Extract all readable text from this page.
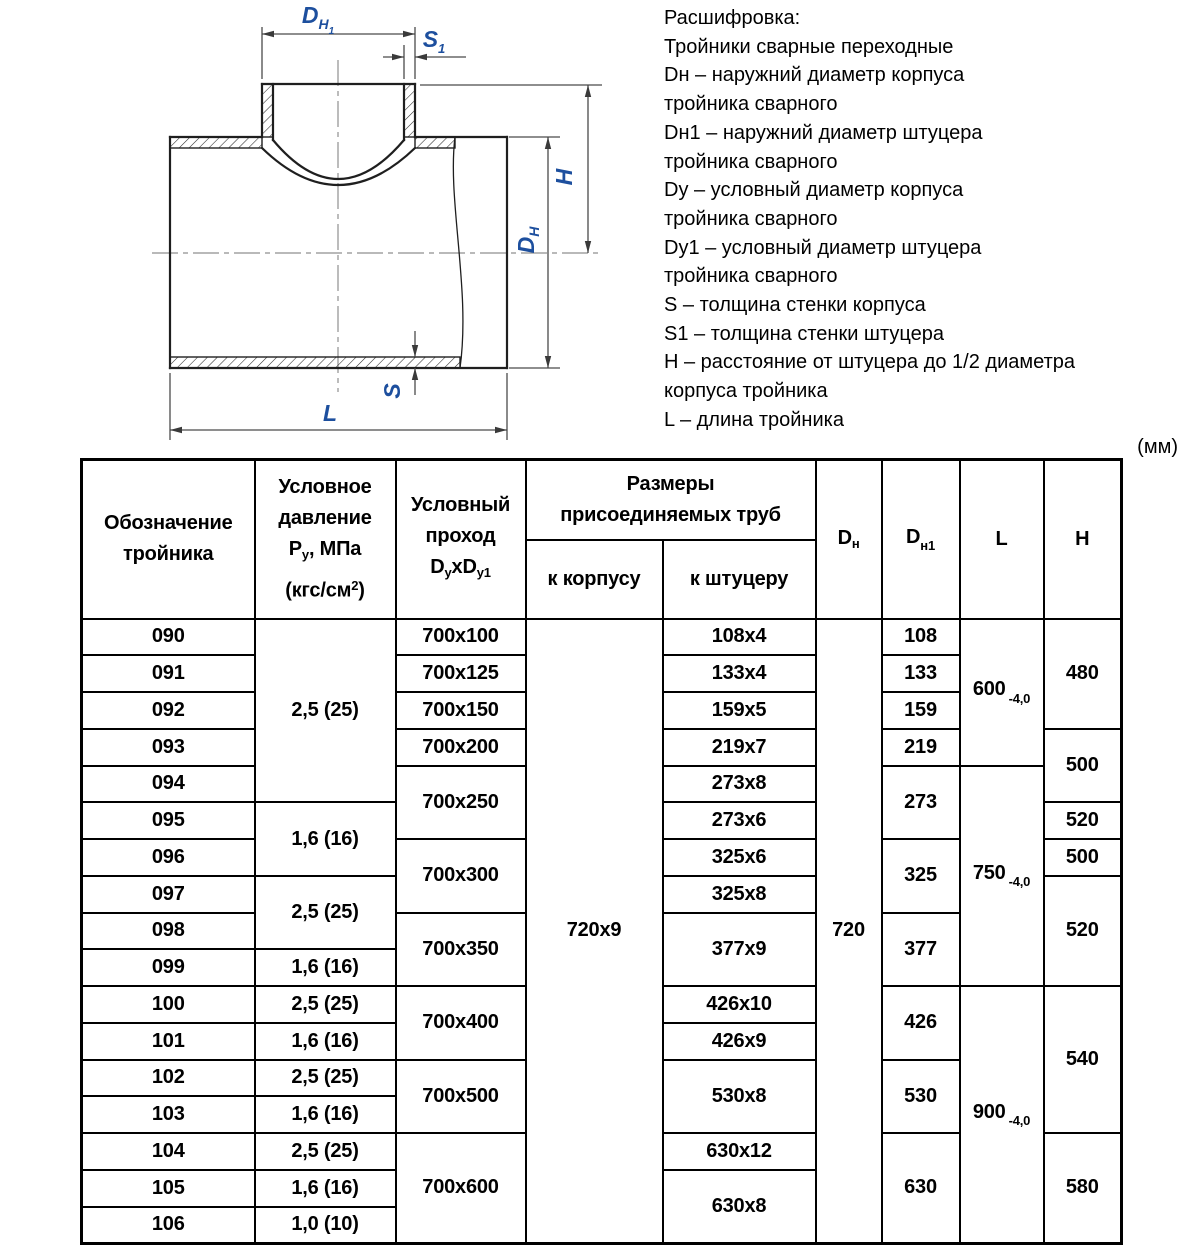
$D_{H1}$	$S_1$
H
$D_H$
S
L
Расшифровка:
Тройники сварные переходные
Dн – наружний диаметр корпуса
тройника сварного
Dн1 – наружний диаметр штуцера
тройника сварного
Dy – условный диаметр корпуса
тройника сварного
Dy1 – условный диаметр штуцера
тройника сварного
S – толщина стенки корпуса
S1 – толщина стенки штуцера
H – расстояние от штуцера до 1/2 диаметра
корпуса тройника
L – длина тройника
(мм)
Обозначение
тройника

Условное
давление
Pу, МПа
$(кгс/см^2)$

Условный
проход
DуxDу1

Размеры
присоединяемых труб
	Dн	$D_{н1}$	L	H
			к корпусу	к штуцеру				
090	2,5 (25)	700x100	720x9	108x4	720	108	600 $_{-4,0}$	480
091		700x125		133x4		133		
092		700x150		159x5		159		
093		700x200		219x7		219		500
094		700x250		273x8		273	750 $_{-4,0}$
095	1,6 (16)			273x6				520
096		700x300		325x6		325		500
097	2,5 (25)			325x8				520
098		700x350		377x9		377		
099	1,6 (16)							
100	2,5 (25)	700x400		426x10		426	900 $_{-4,0}$	540
101	1,6 (16)			426x9				
102	2,5 (25)	700x500		530x8		530		
103	1,6 (16)							
104	2,5 (25)	700x600		630x12		630		580
105	1,6 (16)			630x8				
106	1,0 (10)							
